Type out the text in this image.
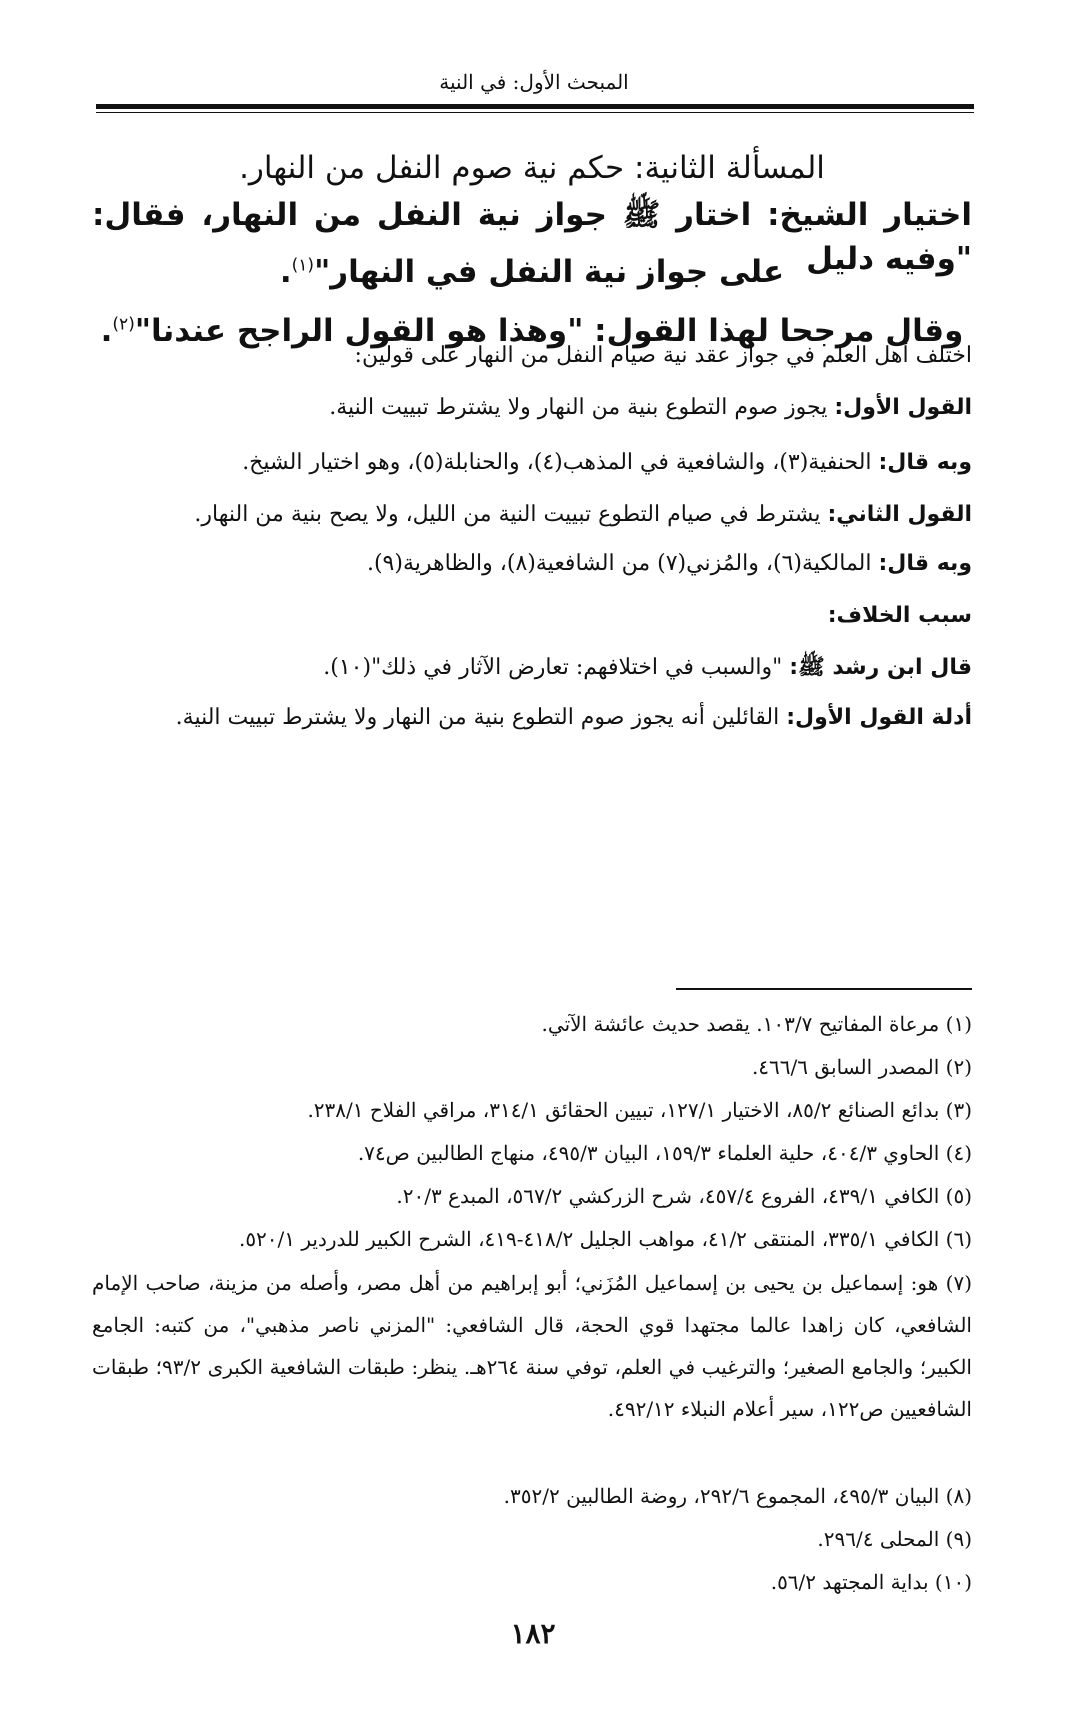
المبحث الأول: في النية
المسألة الثانية: حكم نية صوم النفل من النهار.
اختيار الشيخ: اختار ﷺ جواز نية النفل من النهار، فقال: "وفيه دليل
على جواز نية النفل في النهار"$^{(١)}$.
وقال مرجحا لهذا القول: "وهذا هو القول الراجح عندنا"$^{(٢)}$.
اختلف أهل العلم في جواز عقد نية صيام النفل من النهار على قولين:
القول الأول: يجوز صوم التطوع بنية من النهار ولا يشترط تبييت النية.
وبه قال: الحنفية(٣)، والشافعية في المذهب(٤)، والحنابلة(٥)، وهو اختيار الشيخ.
القول الثاني: يشترط في صيام التطوع تبييت النية من الليل، ولا يصح بنية من النهار.
وبه قال: المالكية(٦)، والمُزني(٧) من الشافعية(٨)، والظاهرية(٩).
سبب الخلاف:
قال ابن رشد ﷺ: "والسبب في اختلافهم: تعارض الآثار في ذلك"(١٠).
أدلة القول الأول: القائلين أنه يجوز صوم التطوع بنية من النهار ولا يشترط تبييت النية.
(١) مرعاة المفاتيح ١٠٣/٧. يقصد حديث عائشة الآتي.
(٢) المصدر السابق ٤٦٦/٦.
(٣) بدائع الصنائع ٨٥/٢، الاختيار ١٢٧/١، تبيين الحقائق ٣١٤/١، مراقي الفلاح ٢٣٨/١.
(٤) الحاوي ٤٠٤/٣، حلية العلماء ١٥٩/٣، البيان ٤٩٥/٣، منهاج الطالبين ص٧٤.
(٥) الكافي ٤٣٩/١، الفروع ٤٥٧/٤، شرح الزركشي ٥٦٧/٢، المبدع ٢٠/٣.
(٦) الكافي ٣٣٥/١، المنتقى ٤١/٢، مواهب الجليل ٤١٨/٢-٤١٩، الشرح الكبير للدردير ٥٢٠/١.
(٧) هو: إسماعيل بن يحيى بن إسماعيل المُزَني؛ أبو إبراهيم من أهل مصر، وأصله من مزينة، صاحب الإمام الشافعي، كان زاهدا عالما مجتهدا قوي الحجة، قال الشافعي: "المزني ناصر مذهبي"، من كتبه: الجامع الكبير؛ والجامع الصغير؛ والترغيب في العلم، توفي سنة ٢٦٤هـ. ينظر: طبقات الشافعية الكبرى ٩٣/٢؛ طبقات الشافعيين ص١٢٢، سير أعلام النبلاء ٤٩٢/١٢.
(٨) البيان ٤٩٥/٣، المجموع ٢٩٢/٦، روضة الطالبين ٣٥٢/٢.
(٩) المحلى ٢٩٦/٤.
(١٠) بداية المجتهد ٥٦/٢.
١٨٢
